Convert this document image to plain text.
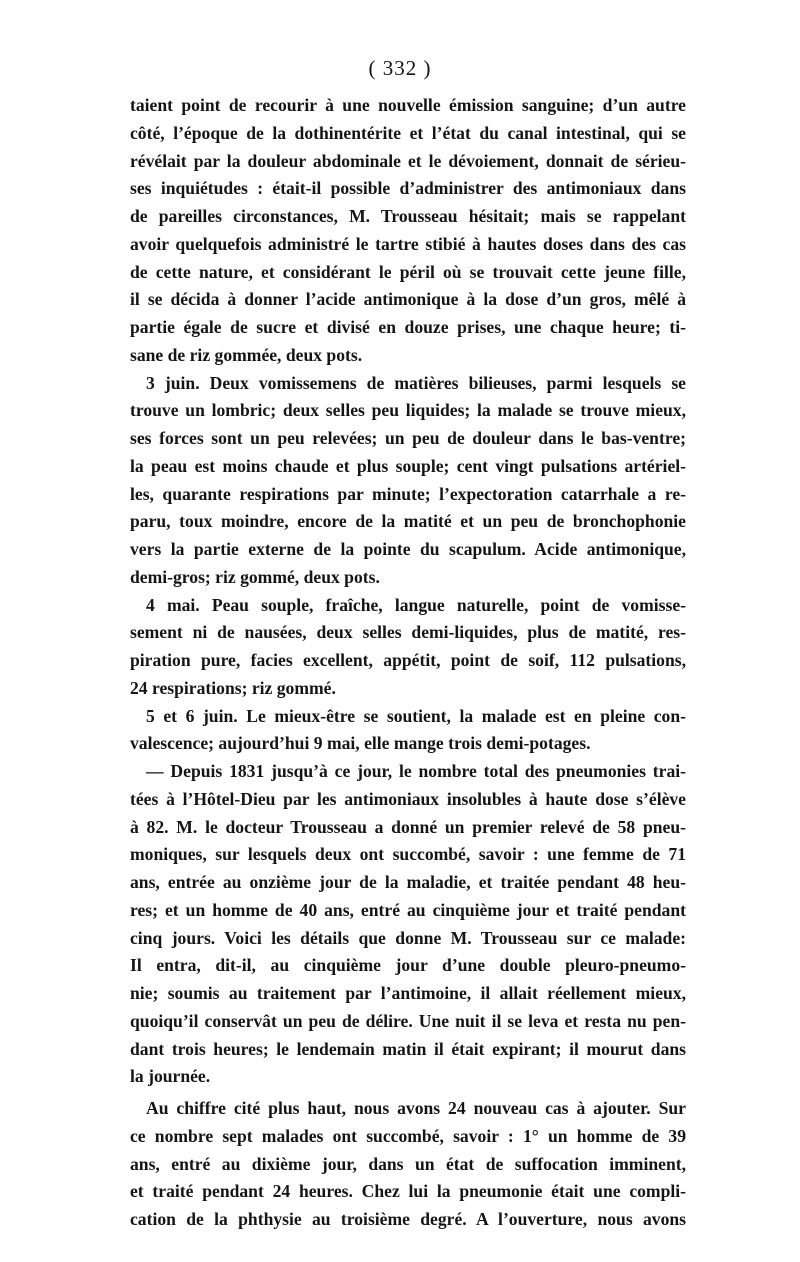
( 332 )
taient point de recourir à une nouvelle émission sanguine; d’un autre
côté, l’époque de la dothinentérite et l’état du canal intestinal, qui se
révélait par la douleur abdominale et le dévoiement, donnait de sérieu-
ses inquiétudes : était-il possible d’administrer des antimoniaux dans
de pareilles circonstances, M. Trousseau hésitait; mais se rappelant
avoir quelquefois administré le tartre stibié à hautes doses dans des cas
de cette nature, et considérant le péril où se trouvait cette jeune fille,
il se décida à donner l’acide antimonique à la dose d’un gros, mêlé à
partie égale de sucre et divisé en douze prises, une chaque heure; ti-
sane de riz gommée, deux pots.
3 juin. Deux vomissemens de matières bilieuses, parmi lesquels se
trouve un lombric; deux selles peu liquides; la malade se trouve mieux,
ses forces sont un peu relevées; un peu de douleur dans le bas-ventre;
la peau est moins chaude et plus souple; cent vingt pulsations artériel-
les, quarante respirations par minute; l’expectoration catarrhale a re-
paru, toux moindre, encore de la matité et un peu de bronchophonie
vers la partie externe de la pointe du scapulum. Acide antimonique,
demi-gros; riz gommé, deux pots.
4 mai. Peau souple, fraîche, langue naturelle, point de vomisse-
sement ni de nausées, deux selles demi-liquides, plus de matité, res-
piration pure, facies excellent, appétit, point de soif, 112 pulsations,
24 respirations; riz gommé.
5 et 6 juin. Le mieux-être se soutient, la malade est en pleine con-
valescence; aujourd’hui 9 mai, elle mange trois demi-potages.
— Depuis 1831 jusqu’à ce jour, le nombre total des pneumonies trai-
tées à l’Hôtel-Dieu par les antimoniaux insolubles à haute dose s’élève
à 82. M. le docteur Trousseau a donné un premier relevé de 58 pneu-
moniques, sur lesquels deux ont succombé, savoir : une femme de 71
ans, entrée au onzième jour de la maladie, et traitée pendant 48 heu-
res; et un homme de 40 ans, entré au cinquième jour et traité pendant
cinq jours. Voici les détails que donne M. Trousseau sur ce malade:
Il entra, dit-il, au cinquième jour d’une double pleuro-pneumo-
nie; soumis au traitement par l’antimoine, il allait réellement mieux,
quoiqu’il conservât un peu de délire. Une nuit il se leva et resta nu pen-
dant trois heures; le lendemain matin il était expirant; il mourut dans
la journée.
Au chiffre cité plus haut, nous avons 24 nouveau cas à ajouter. Sur
ce nombre sept malades ont succombé, savoir : 1° un homme de 39
ans, entré au dixième jour, dans un état de suffocation imminent,
et traité pendant 24 heures. Chez lui la pneumonie était une compli-
cation de la phthysie au troisième degré. A l’ouverture, nous avons
